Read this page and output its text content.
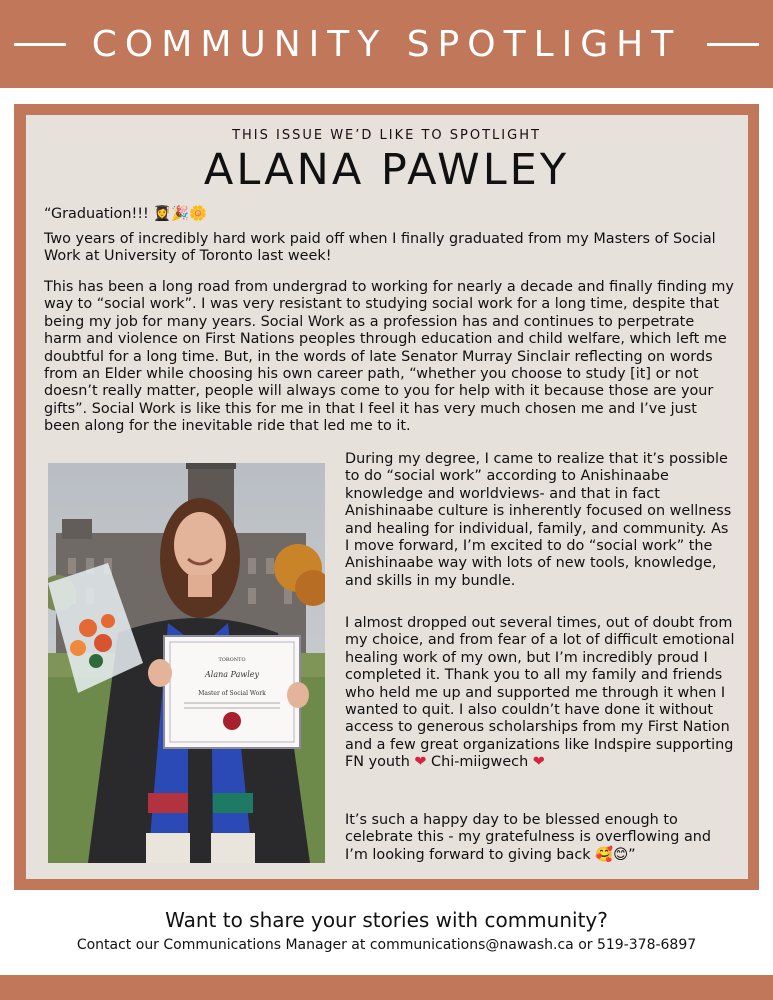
COMMUNITY SPOTLIGHT
THIS ISSUE WE’D LIKE TO SPOTLIGHT
ALANA PAWLEY

“Graduation!!! 👩‍🎓🎉🌼

Two years of incredibly hard work paid off when I finally graduated from my Masters of Social Work at University of Toronto last week!

This has been a long road from undergrad to working for nearly a decade and finally finding my way to “social work”. I was very resistant to studying social work for a long time, despite that being my job for many years. Social Work as a profession has and continues to perpetrate harm and violence on First Nations peoples through education and child welfare, which left me doubtful for a long time. But, in the words of late Senator Murray Sinclair reflecting on words from an Elder while choosing his own career path, “whether you choose to study [it] or not doesn’t really matter, people will always come to you for help with it because those are your gifts”. Social Work is like this for me in that I feel it has very much chosen me and I’ve just been along for the inevitable ride that led me to it.

TORONTO
Alana Pawley
Master of Social Work

During my degree, I came to realize that it’s possible to do “social work” according to Anishinaabe knowledge and worldviews- and that in fact Anishinaabe culture is inherently focused on wellness and healing for individual, family, and community. As I move forward, I’m excited to do “social work” the Anishinaabe way with lots of new tools, knowledge, and skills in my bundle.

I almost dropped out several times, out of doubt from my choice, and from fear of a lot of difficult emotional healing work of my own, but I’m incredibly proud I completed it. Thank you to all my family and friends who held me up and supported me through it when I wanted to quit. I also couldn’t have done it without access to generous scholarships from my First Nation and a few great organizations like Indspire supporting FN youth ❤ Chi-miigwech ❤

It’s such a happy day to be blessed enough to celebrate this - my gratefulness is overflowing and I’m looking forward to giving back 🥰😊”

Want to share your stories with community?
Contact our Communications Manager at communications@nawash.ca or 519-378-6897
